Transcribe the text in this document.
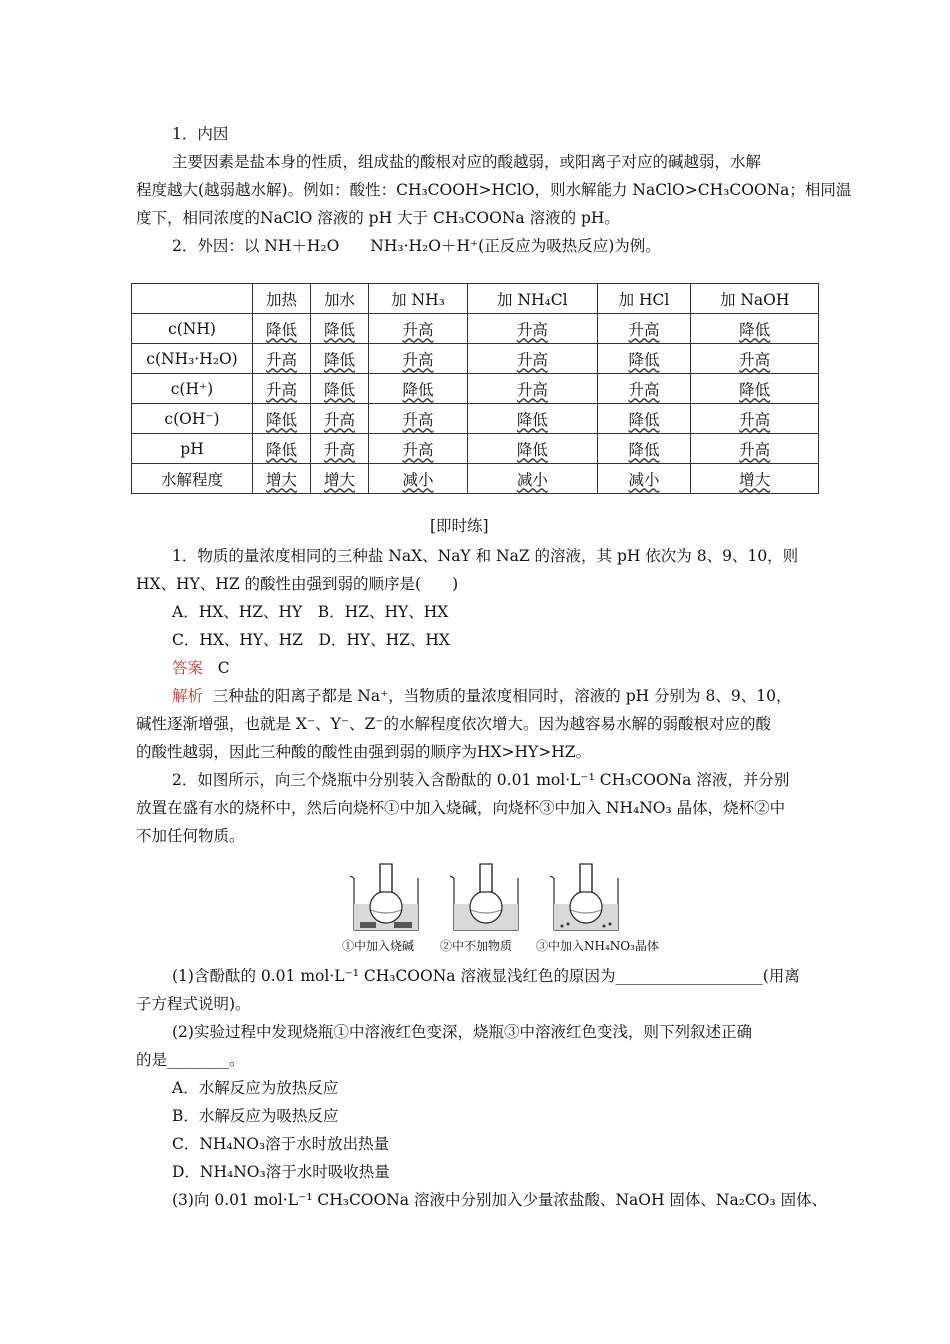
1．内因
主要因素是盐本身的性质，组成盐的酸根对应的酸越弱，或阳离子对应的碱越弱，水解
程度越大(越弱越水解)。例如：酸性：CH₃COOH>HClO，则水解能力 NaClO>CH₃COONa；相同温
度下，相同浓度的NaClO 溶液的 pH 大于 CH₃COONa 溶液的 pH。
2．外因：以 NH＋H₂O　　NH₃·H₂O＋H⁺(正反应为吸热反应)为例。
	加热	加水	加 NH₃	加 NH₄Cl	加 HCl	加 NaOH
c(NH)	降低	降低	升高	升高	升高	降低
c(NH₃·H₂O)	升高	降低	升高	升高	降低	升高
c(H⁺)	升高	降低	降低	升高	升高	降低
c(OH⁻)	降低	升高	升高	降低	降低	升高
pH	降低	升高	升高	降低	降低	升高
水解程度	增大	增大	减小	减小	减小	增大
[即时练]
1．物质的量浓度相同的三种盐 NaX、NaY 和 NaZ 的溶液，其 pH 依次为 8、9、10，则
HX、HY、HZ 的酸性由强到弱的顺序是(　　)
A．HX、HZ、HY　B．HZ、HY、HX
C．HX、HY、HZ　D．HY、HZ、HX
答案 C
解析 三种盐的阳离子都是 Na⁺，当物质的量浓度相同时，溶液的 pH 分别为 8、9、10，
碱性逐渐增强，也就是 X⁻、Y⁻、Z⁻的水解程度依次增大。因为越容易水解的弱酸根对应的酸
的酸性越弱，因此三种酸的酸性由强到弱的顺序为HX>HY>HZ。
2．如图所示，向三个烧瓶中分别装入含酚酞的 0.01 mol·L⁻¹ CH₃COONa 溶液，并分别
放置在盛有水的烧杯中，然后向烧杯①中加入烧碱，向烧杯③中加入 NH₄NO₃ 晶体，烧杯②中
不加任何物质。
①中加入烧碱 ②中不加物质 ③中加入NH₄NO₃晶体
(1)含酚酞的 0.01 mol·L⁻¹ CH₃COONa 溶液显浅红色的原因为___________________(用离
子方程式说明)。
(2)实验过程中发现烧瓶①中溶液红色变深，烧瓶③中溶液红色变浅，则下列叙述正确
的是________。
A．水解反应为放热反应
B．水解反应为吸热反应
C．NH₄NO₃溶于水时放出热量
D．NH₄NO₃溶于水时吸收热量
(3)向 0.01 mol·L⁻¹ CH₃COONa 溶液中分别加入少量浓盐酸、NaOH 固体、Na₂CO₃ 固体、
